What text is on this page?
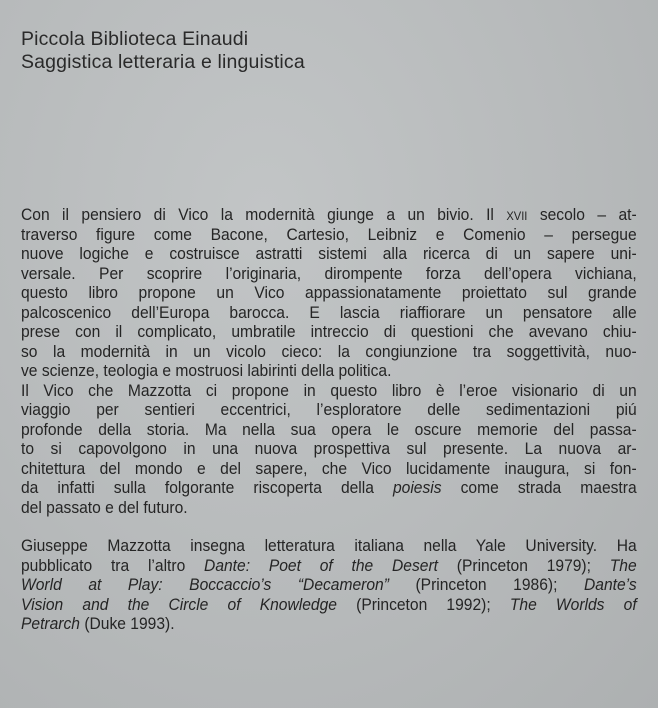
Piccola Biblioteca Einaudi
Saggistica letteraria e linguistica
Con il pensiero di Vico la modernità giunge a un bivio. Il xvii secolo – at-
traverso figure come Bacone, Cartesio, Leibniz e Comenio – persegue
nuove logiche e costruisce astratti sistemi alla ricerca di un sapere uni-
versale. Per scoprire l’originaria, dirompente forza dell’opera vichiana,
questo libro propone un Vico appassionatamente proiettato sul grande
palcoscenico dell’Europa barocca. E lascia riaffiorare un pensatore alle
prese con il complicato, umbratile intreccio di questioni che avevano chiu-
so la modernità in un vicolo cieco: la congiunzione tra soggettività, nuo-
ve scienze, teologia e mostruosi labirinti della politica.
Il Vico che Mazzotta ci propone in questo libro è l’eroe visionario di un
viaggio per sentieri eccentrici, l’esploratore delle sedimentazioni piú
profonde della storia. Ma nella sua opera le oscure memorie del passa-
to si capovolgono in una nuova prospettiva sul presente. La nuova ar-
chitettura del mondo e del sapere, che Vico lucidamente inaugura, si fon-
da infatti sulla folgorante riscoperta della poiesis come strada maestra
del passato e del futuro.
Giuseppe Mazzotta insegna letteratura italiana nella Yale University. Ha
pubblicato tra l’altro Dante: Poet of the Desert (Princeton 1979); The
World at Play: Boccaccio’s “Decameron” (Princeton 1986); Dante’s
Vision and the Circle of Knowledge (Princeton 1992); The Worlds of
Petrarch (Duke 1993).
